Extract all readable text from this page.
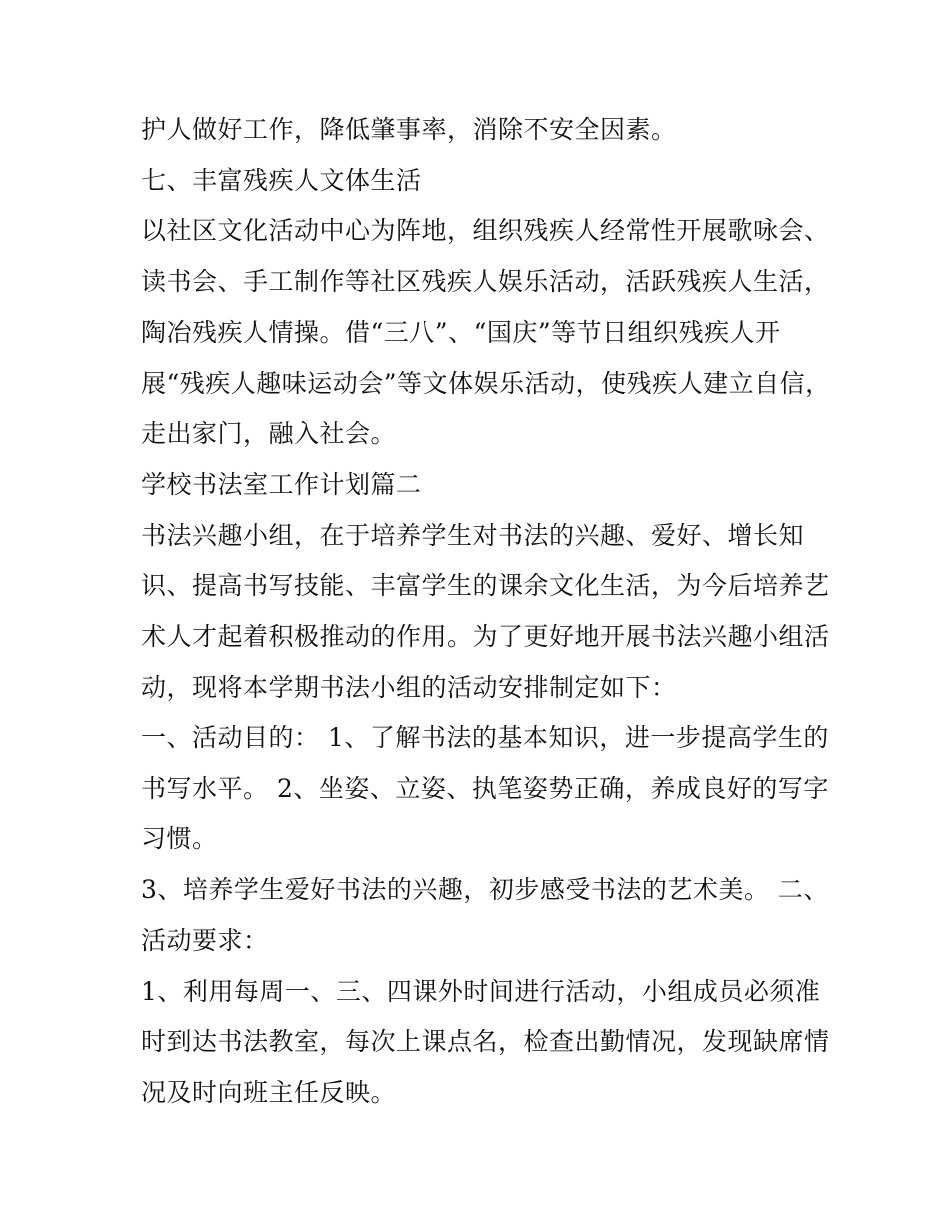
护人做好工作，降低肇事率，消除不安全因素。
七、丰富残疾人文体生活
以社区文化活动中心为阵地，组织残疾人经常性开展歌咏会、
读书会、手工制作等社区残疾人娱乐活动，活跃残疾人生活，
陶冶残疾人情操。借“三八”、“国庆”等节日组织残疾人开
展“残疾人趣味运动会”等文体娱乐活动，使残疾人建立自信，
走出家门，融入社会。
学校书法室工作计划篇二
书法兴趣小组，在于培养学生对书法的兴趣、爱好、增长知
识、提高书写技能、丰富学生的课余文化生活，为今后培养艺
术人才起着积极推动的作用。为了更好地开展书法兴趣小组活
动，现将本学期书法小组的活动安排制定如下：
一、活动目的： 1、了解书法的基本知识，进一步提高学生的
书写水平。 2、坐姿、立姿、执笔姿势正确，养成良好的写字
习惯。
3、培养学生爱好书法的兴趣，初步感受书法的艺术美。 二、
活动要求：
1、利用每周一、三、四课外时间进行活动，小组成员必须准
时到达书法教室，每次上课点名，检查出勤情况，发现缺席情
况及时向班主任反映。
